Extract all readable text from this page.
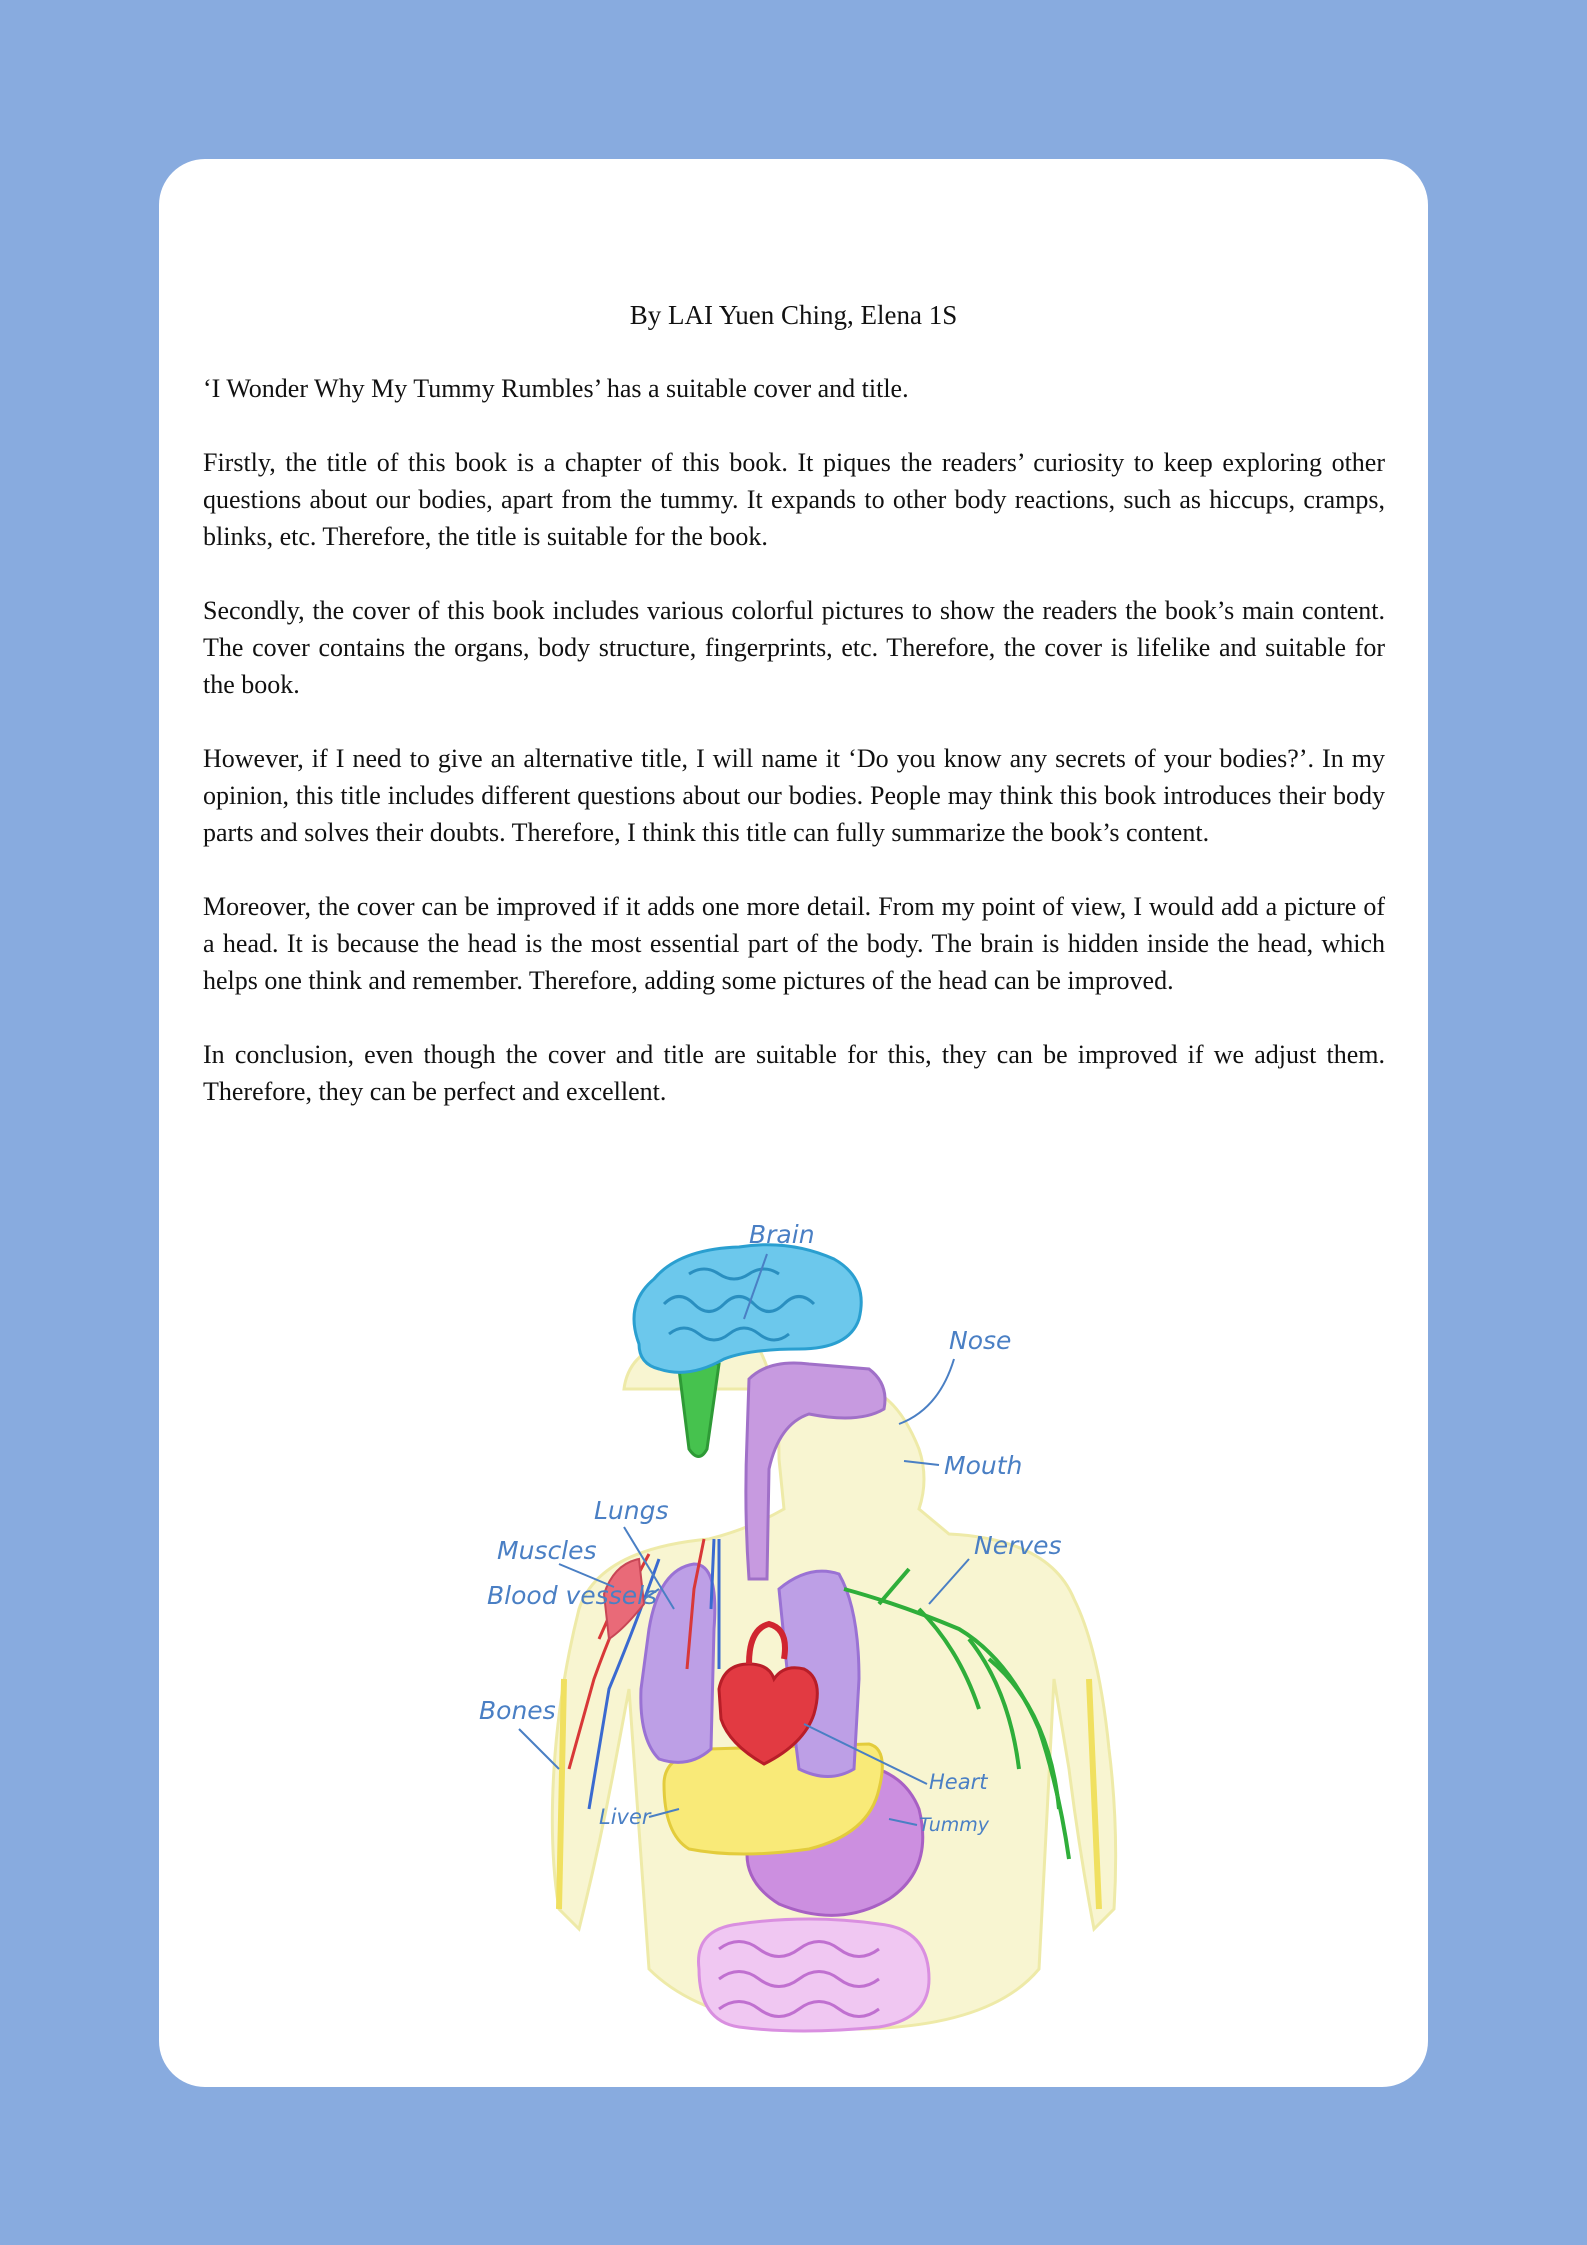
By LAI Yuen Ching, Elena 1S

‘I Wonder Why My Tummy Rumbles’ has a suitable cover and title.

Firstly, the title of this book is a chapter of this book. It piques the readers’ curiosity to keep exploring other questions about our bodies, apart from the tummy. It expands to other body reactions, such as hiccups, cramps, blinks, etc. Therefore, the title is suitable for the book.

Secondly, the cover of this book includes various colorful pictures to show the readers the book’s main content. The cover contains the organs, body structure, fingerprints, etc. Therefore, the cover is lifelike and suitable for the book.

However, if I need to give an alternative title, I will name it ‘Do you know any secrets of your bodies?’. In my opinion, this title includes different questions about our bodies. People may think this book introduces their body parts and solves their doubts. Therefore, I think this title can fully summarize the book’s content.

Moreover, the cover can be improved if it adds one more detail. From my point of view, I would add a picture of a head. It is because the head is the most essential part of the body. The brain is hidden inside the head, which helps one think and remember. Therefore, adding some pictures of the head can be improved.

In conclusion, even though the cover and title are suitable for this, they can be improved if we adjust them. Therefore, they can be perfect and excellent.

Brain
Nose
Mouth
Lungs
Muscles
Blood vessels
Nerves
Bones
Heart
Liver	Tummy
